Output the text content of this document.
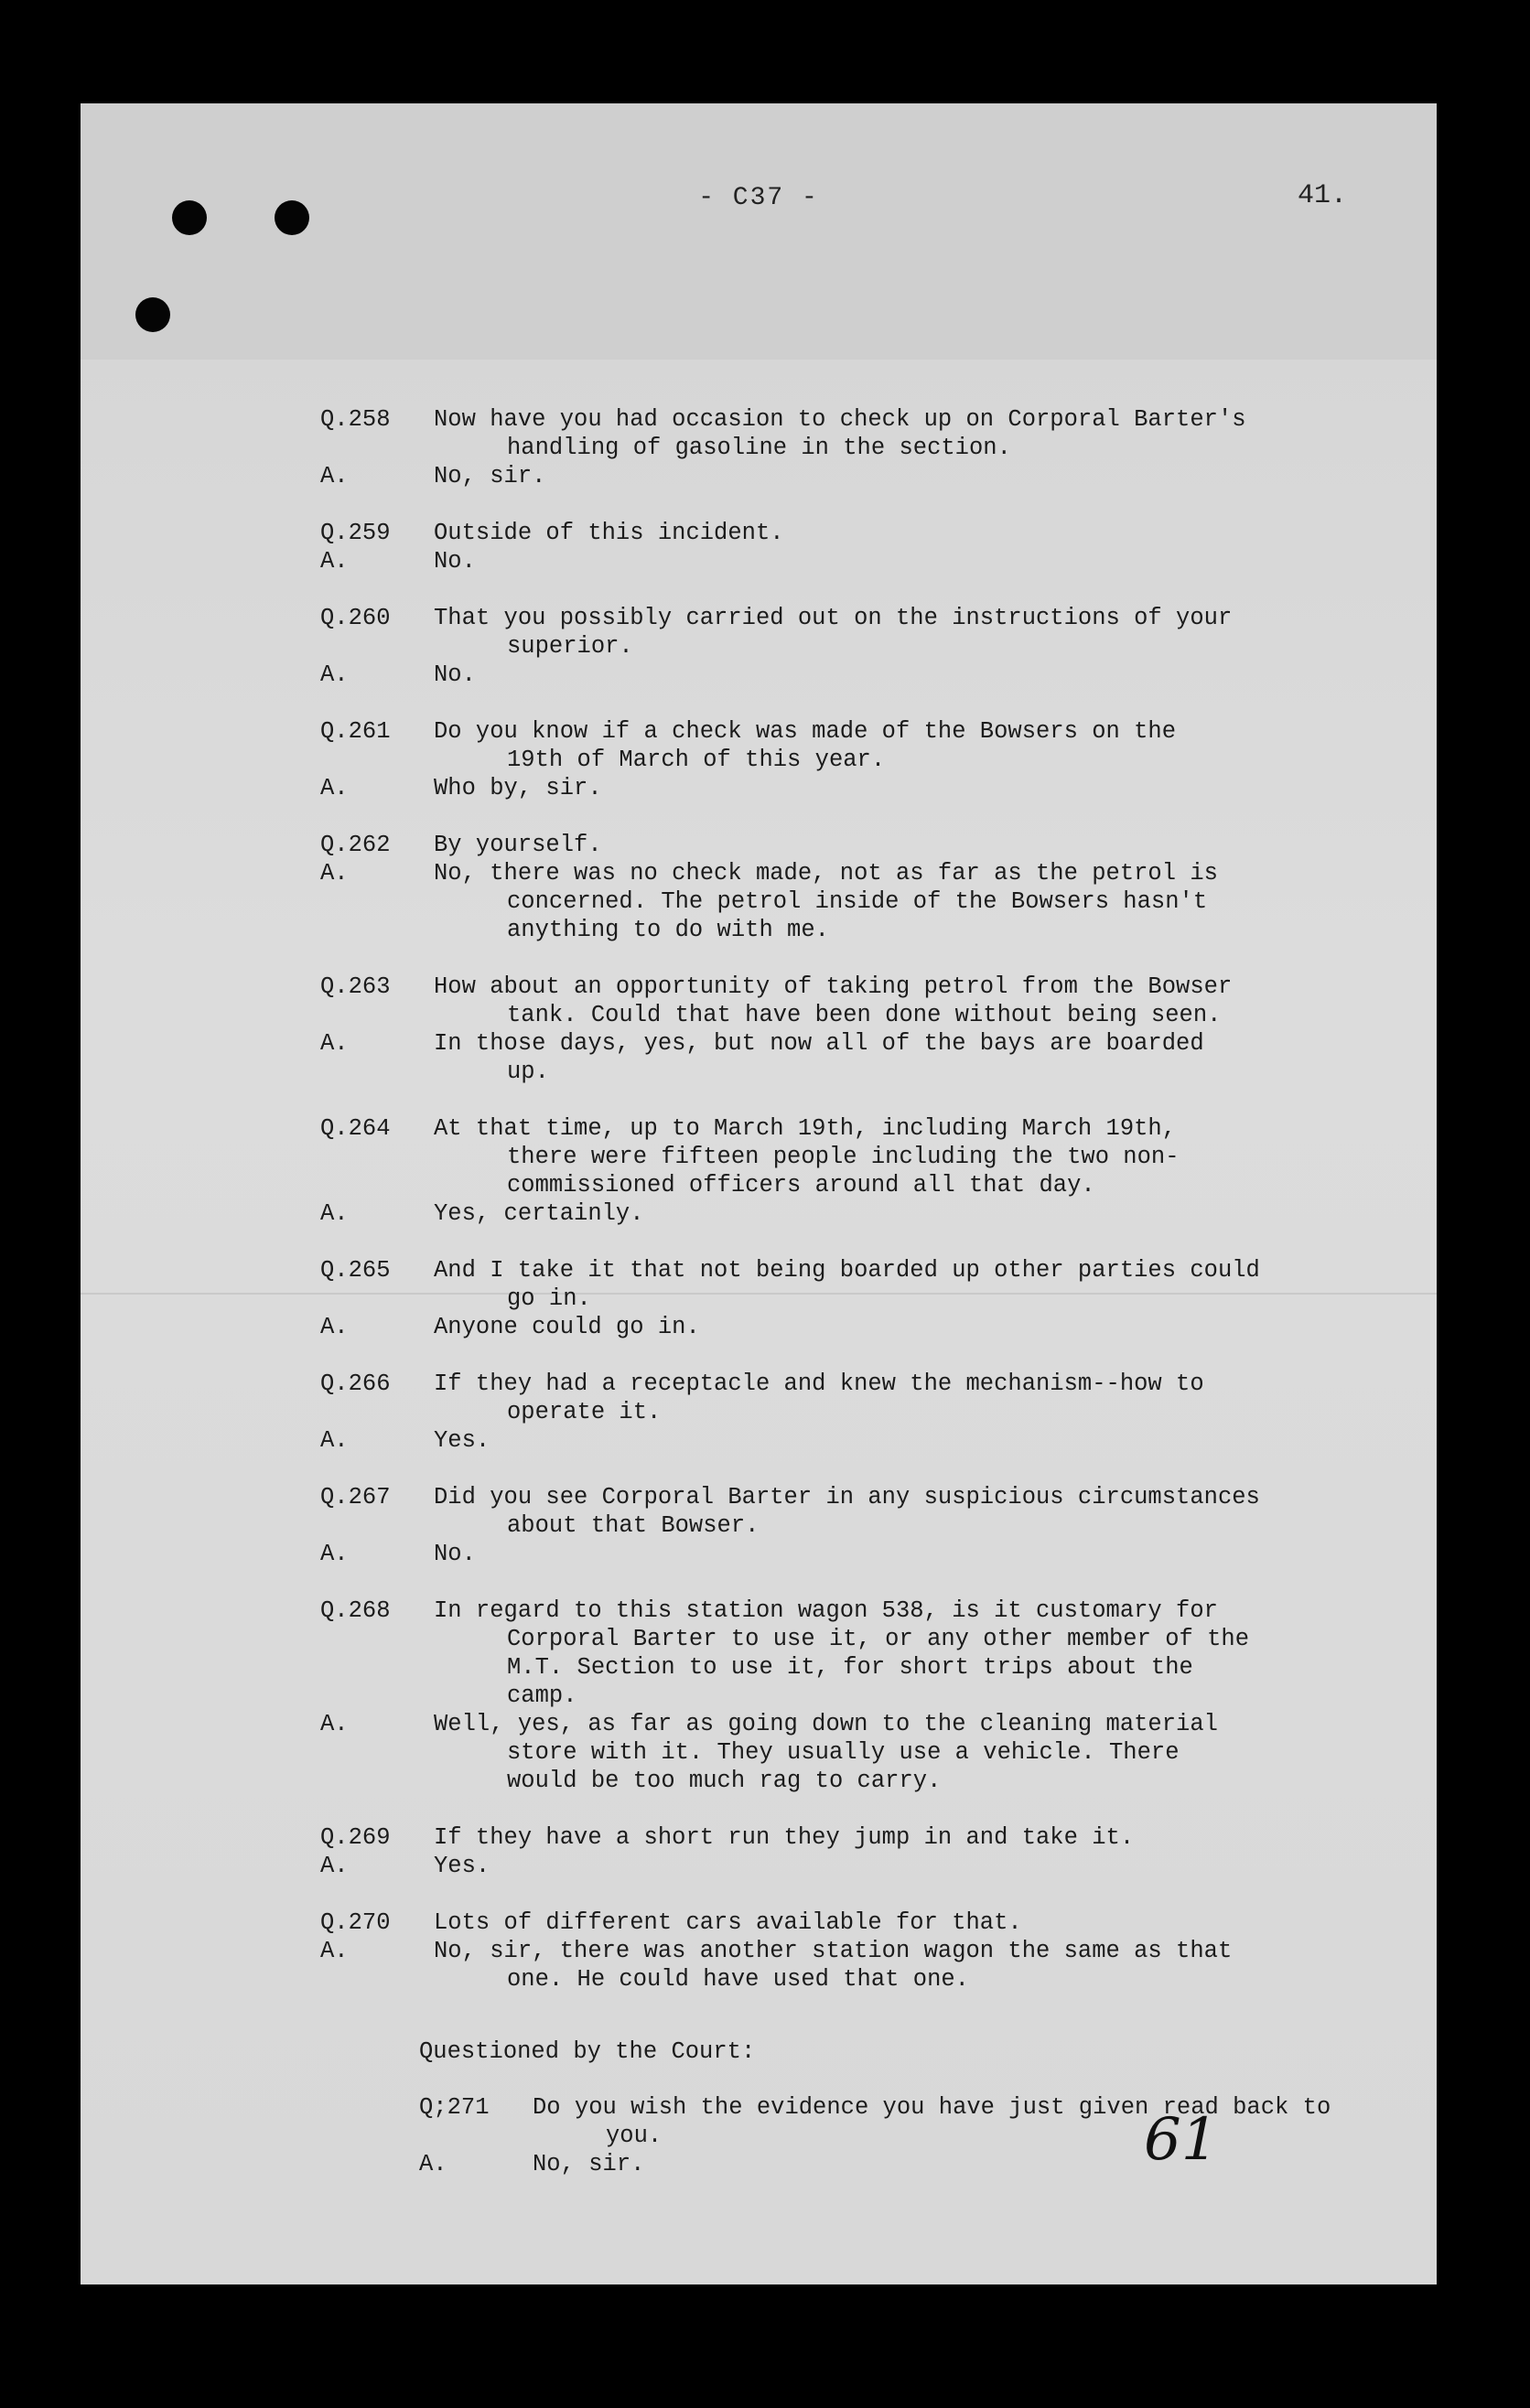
- C37 -	41.
Q.258	Now have you had occasion to check up on Corporal Barter's
handling of gasoline in the section.
A.	No, sir.
Q.259	Outside of this incident.
A.	No.
Q.260	That you possibly carried out on the instructions of your
superior.
A.	No.
Q.261	Do you know if a check was made of the Bowsers on the
19th of March of this year.
A.	Who by, sir.
Q.262	By yourself.
A.	No, there was no check made, not as far as the petrol is
concerned. The petrol inside of the Bowsers hasn't
anything to do with me.
Q.263	How about an opportunity of taking petrol from the Bowser
tank. Could that have been done without being seen.
A.	In those days, yes, but now all of the bays are boarded
up.
Q.264	At that time, up to March 19th, including March 19th,
there were fifteen people including the two non-
commissioned officers around all that day.
A.	Yes, certainly.
Q.265	And I take it that not being boarded up other parties could
go in.
A.	Anyone could go in.
Q.266	If they had a receptacle and knew the mechanism--how to
operate it.
A.	Yes.
Q.267	Did you see Corporal Barter in any suspicious circumstances
about that Bowser.
A.	No.
Q.268	In regard to this station wagon 538, is it customary for
Corporal Barter to use it, or any other member of the
M.T. Section to use it, for short trips about the
camp.
A.	Well, yes, as far as going down to the cleaning material
store with it. They usually use a vehicle. There
would be too much rag to carry.
Q.269	If they have a short run they jump in and take it.
A.	Yes.
Q.270	Lots of different cars available for that.
A.	No, sir, there was another station wagon the same as that
one. He could have used that one.
Questioned by the Court:
Q;271	Do you wish the evidence you have just given read back to
you.
A.	No, sir.	61
